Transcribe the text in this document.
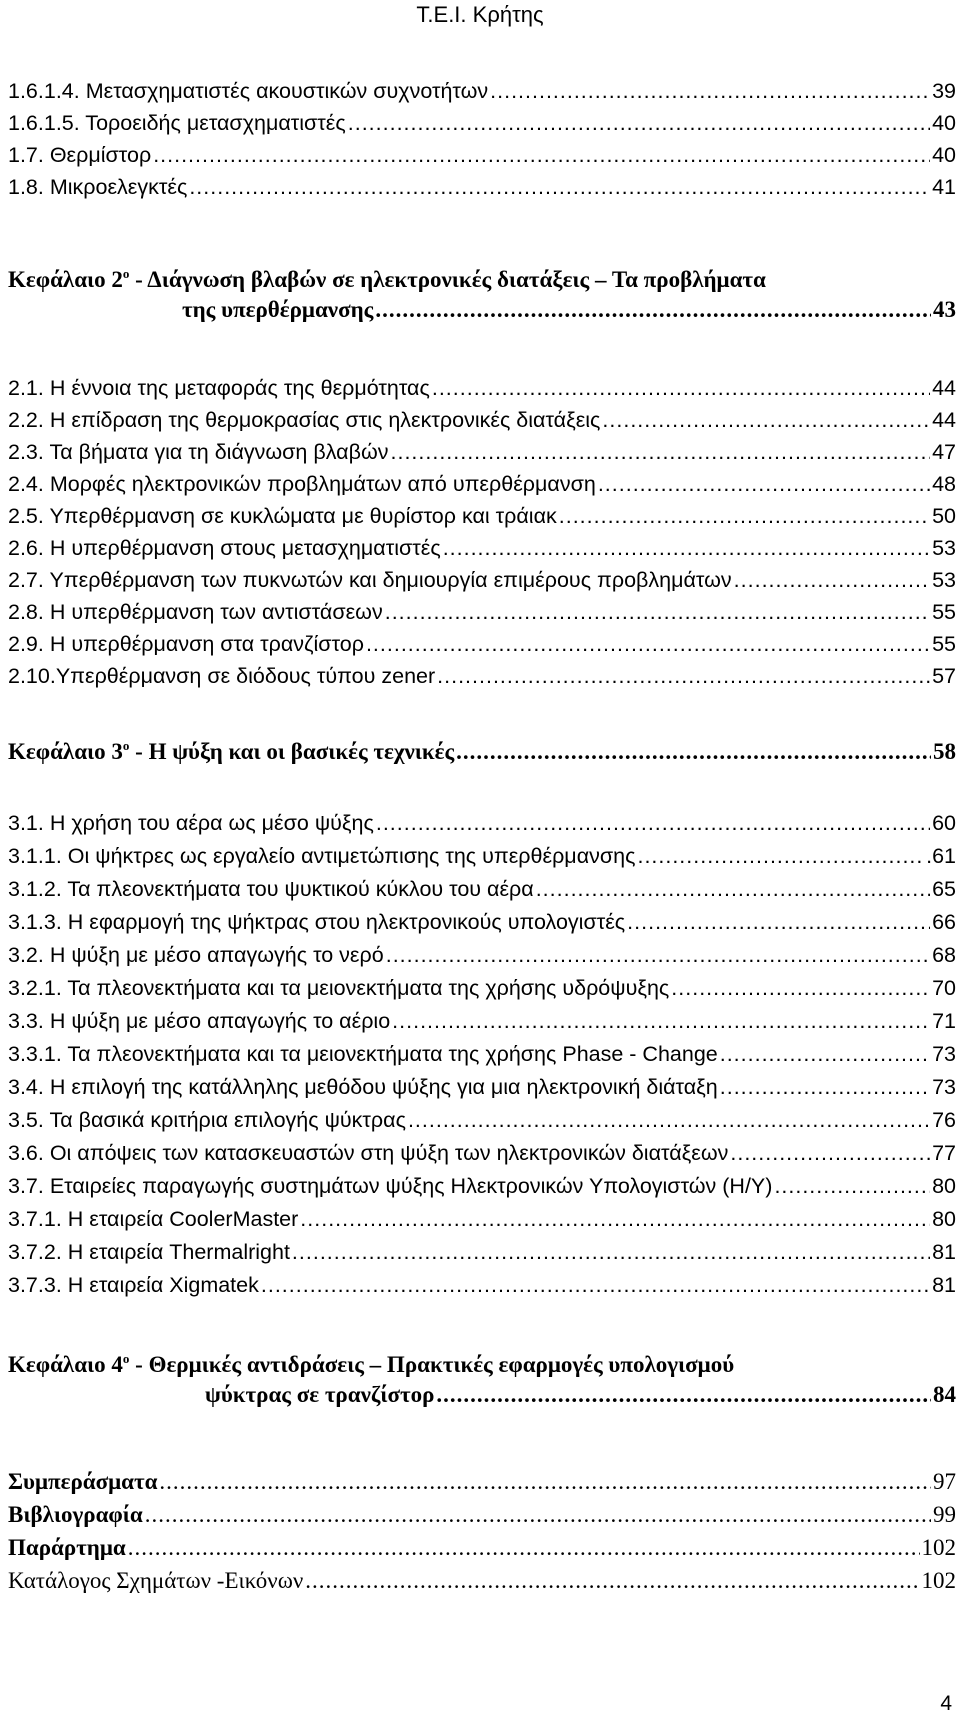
Τ.Ε.Ι. Κρήτης
1.6.1.4. Μετασχηματιστές ακουστικών συχνοτήτων .....	39
1.6.1.5. Τοροειδής μετασχηματιστές .....	40
1.7. Θερμίστορ .....	40
1.8. Μικροελεγκτές .....	41
Κεφάλαιο $2^o$ - Διάγνωση βλαβών σε ηλεκτρονικές διατάξεις – Τα προβλήματα
της υπερθέρμανσης .....	43
2.1. Η έννοια της μεταφοράς της θερμότητας .....	44
2.2. Η επίδραση της θερμοκρασίας στις ηλεκτρονικές διατάξεις .....	44
2.3. Τα βήματα για τη διάγνωση βλαβών .....	47
2.4. Μορφές ηλεκτρονικών προβλημάτων από υπερθέρμανση .....	48
2.5. Υπερθέρμανση σε κυκλώματα με θυρίστορ και τράιακ .....	50
2.6. Η υπερθέρμανση στους μετασχηματιστές .....	53
2.7. Υπερθέρμανση των πυκνωτών και δημιουργία επιμέρους προβλημάτων .....	53
2.8. Η υπερθέρμανση των αντιστάσεων .....	55
2.9. Η υπερθέρμανση στα τρανζίστορ .....	55
2.10.Υπερθέρμανση σε διόδους τύπου zener .....	57
Κεφάλαιο $3^o$ - Η ψύξη και οι βασικές τεχνικές .....	58
3.1. Η χρήση του αέρα ως μέσο ψύξης .....	60
3.1.1. Οι ψήκτρες ως εργαλείο αντιμετώπισης της υπερθέρμανσης .....	.61
3.1.2. Τα πλεονεκτήματα του ψυκτικού κύκλου του αέρα .....	65
3.1.3. Η εφαρμογή της ψήκτρας στου ηλεκτρονικούς υπολογιστές .....	66
3.2. Η ψύξη με μέσο απαγωγής το νερό .....	68
3.2.1. Τα πλεονεκτήματα και τα μειονεκτήματα της χρήσης υδρόψυξης .....	70
3.3. Η ψύξη με μέσο απαγωγής το αέριο .....	71
3.3.1. Τα πλεονεκτήματα και τα μειονεκτήματα της χρήσης Phase - Change .....	73
3.4. Η επιλογή της κατάλληλης μεθόδου ψύξης για μια ηλεκτρονική διάταξη .....	73
3.5. Τα βασικά κριτήρια επιλογής ψύκτρας .....	76
3.6. Οι απόψεις των κατασκευαστών στη ψύξη των ηλεκτρονικών διατάξεων .....	77
3.7. Εταιρείες παραγωγής συστημάτων ψύξης Ηλεκτρονικών Υπολογιστών (Η/Υ) .....	80
3.7.1. Η εταιρεία CoolerMaster .....	80
3.7.2. Η εταιρεία Thermalright .....	81
3.7.3. Η εταιρεία Xigmatek .....	81
Κεφάλαιο $4^o$ - Θερμικές αντιδράσεις – Πρακτικές εφαρμογές υπολογισμού
ψύκτρας σε τρανζίστορ .....	84
Συμπεράσματα .....	97
Βιβλιογραφία .....	99
Παράρτημα .....	102
Κατάλογος Σχημάτων -Εικόνων .....	102
4
